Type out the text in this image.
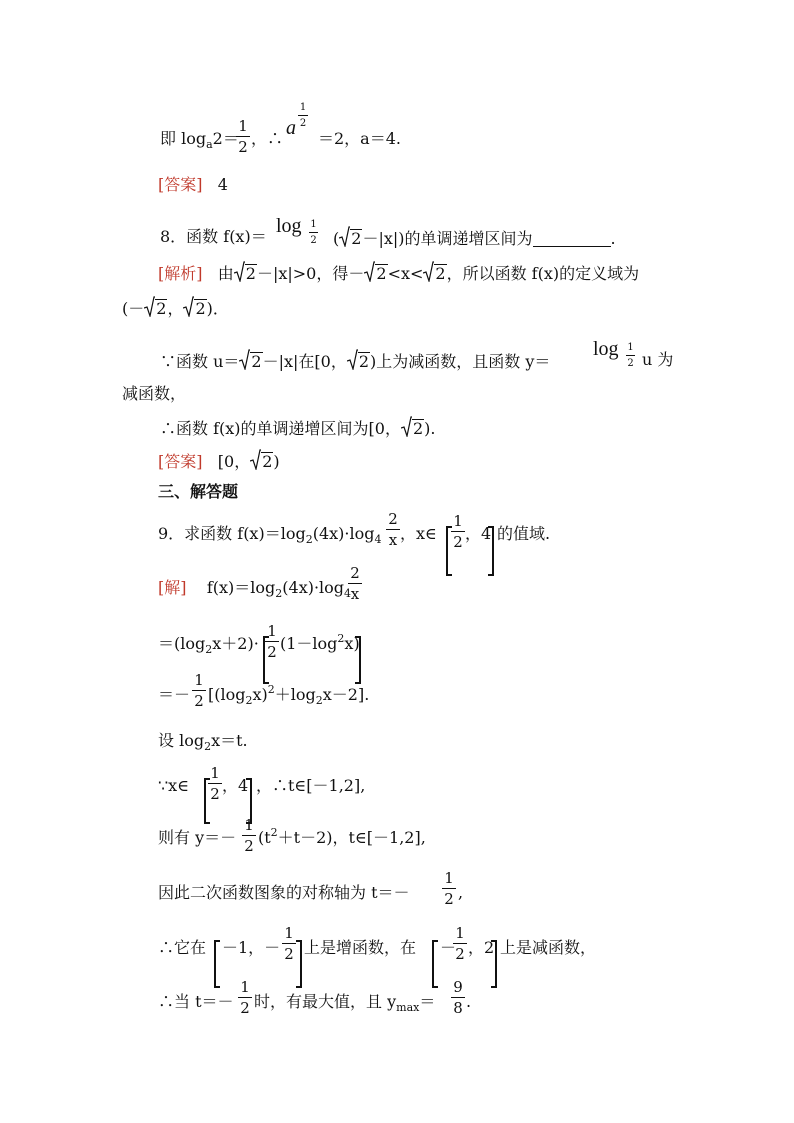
即 $\log_a2=$
1
2 ，∴ a
1
2
＝2，a＝4.
[答案] 4
8．函数 f(x)＝ log 1
2 ( 2－|x|)的单调递增区间为	.
[解析] 由 2－|x|>0，得－ 2<x< 2，所以函数 f(x)的定义域为
(－ 2， 2)．
∵函数 u＝ 2－|x|在[0， 2)上为减函数，且函数 y＝
log 1
2 u 为
减函数，
∴函数 f(x)的单调递增区间为[0， 2).
[答案] [0， 2)
三、解答题
9．求函数 $f(x)=\log_2(4x)\cdot\log_4$
2
x ，x∈
1
2 ，4 的值域.
[解] $f(x)=\log_2(4x)\cdot\log_4$
2
x
$=(\log_2x+2)\cdot$
1
2 $(1-\log^2x)$
＝－
1
2 $[(\log_2x)^2+\log_2x-2]$.
设 $\log_2x=t$.
∵x∈
1
2 ，4 ，∴t∈[－1,2],
则有 y＝－
1
2 $(t^2+t-2)$，t∈[－1,2],
因此二次函数图象的对称轴为 t＝－
1
2 ,
∴它在 －1，－
1
2 上是增函数，在 －
1
2 ，2 上是减函数，
∴当 t＝－
1
2 时，有最大值，且 $y_{max}=$
9
8 .
